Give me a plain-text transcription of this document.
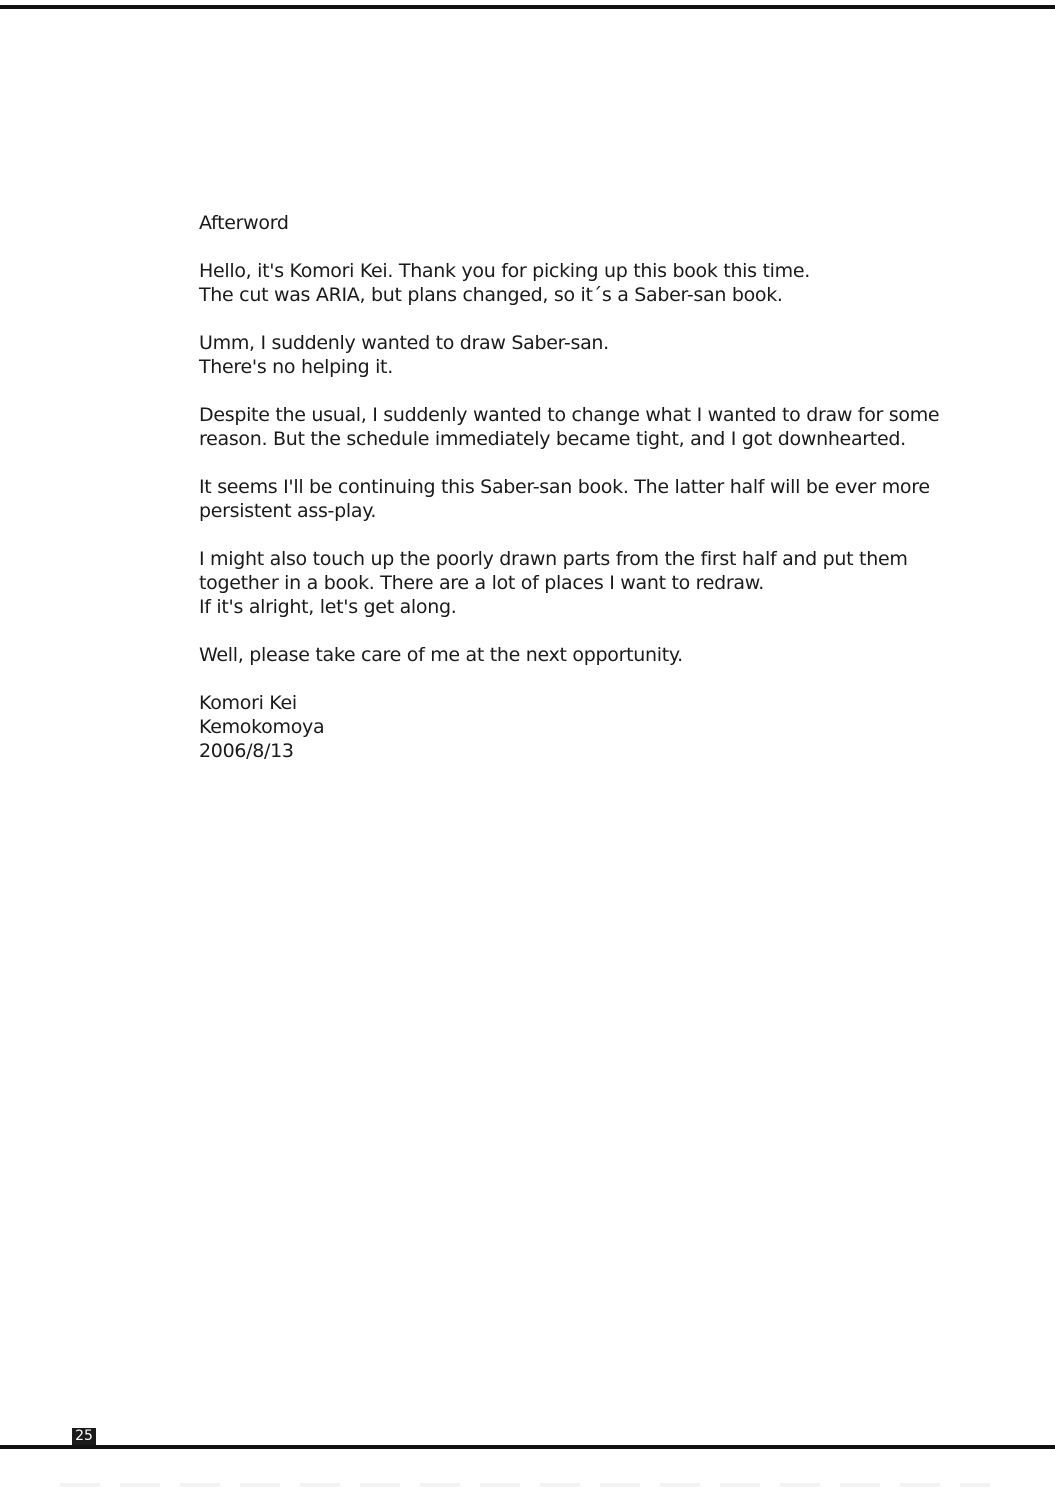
Afterword
Hello, it's Komori Kei. Thank you for picking up this book this time.
The cut was ARIA, but plans changed, so it´s a Saber-san book.
Umm, I suddenly wanted to draw Saber-san.
There's no helping it.
Despite the usual, I suddenly wanted to change what I wanted to draw for some
reason. But the schedule immediately became tight, and I got downhearted.
It seems I'll be continuing this Saber-san book. The latter half will be ever more
persistent ass-play.
I might also touch up the poorly drawn parts from the first half and put them
together in a book. There are a lot of places I want to redraw.
If it's alright, let's get along.
Well, please take care of me at the next opportunity.
Komori Kei
Kemokomoya
2006/8/13
25
